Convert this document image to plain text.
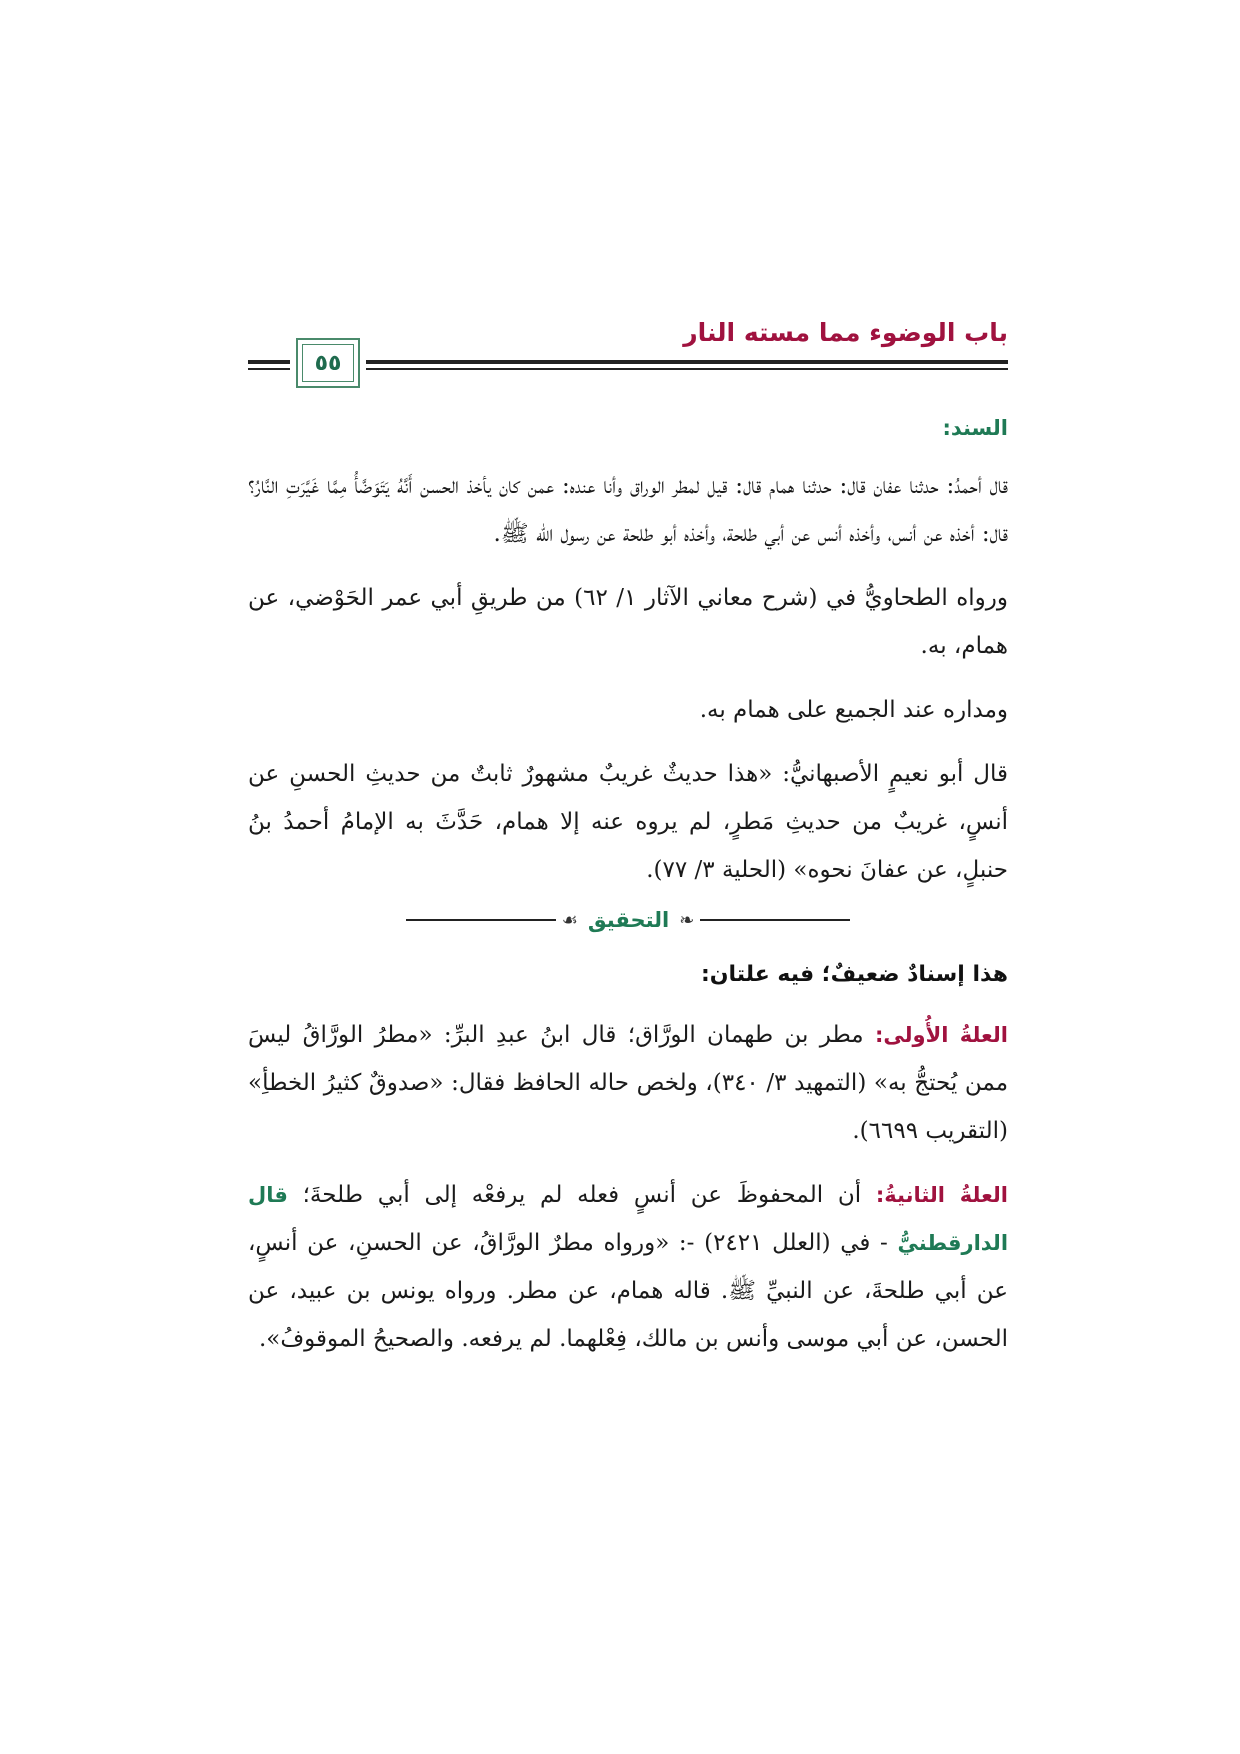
باب الوضوء مما مسته النار
٥٥

السند:

قال أحمدُ: حدثنا عفان قال: حدثنا همام قال: قيل لمطر الوراق وأنا عنده: عمن كان يأخذ الحسن أَنَّهُ يَتَوَضَّأُ مِمَّا غَيَّرَتِ النَّارُ؟ قال: أخذه عن أنس، وأخذه أنس عن أبي طلحة، وأخذه أبو طلحة عن رسول الله ﷺ.

ورواه الطحاويُّ في (شرح معاني الآثار ١/ ٦٢) من طريقِ أبي عمر الحَوْضي، عن همام، به.

ومداره عند الجميع على همام به.

قال أبو نعيمٍ الأصبهانيُّ: «هذا حديثٌ غريبٌ مشهورٌ ثابتٌ من حديثِ الحسنِ عن أنسٍ، غريبٌ من حديثِ مَطرٍ، لم يروه عنه إلا همام، حَدَّثَ به الإمامُ أحمدُ بنُ حنبلٍ، عن عفانَ نحوه» (الحلية ٣/ ٧٧).

❧
التحقيق
☙

هذا إسنادٌ ضعيفٌ؛ فيه علتان:

العلةُ الأُولى: مطر بن طهمان الورَّاق؛ قال ابنُ عبدِ البرِّ: «مطرُ الورَّاقُ ليسَ ممن يُحتجُّ به» (التمهيد ٣/ ٣٤٠)، ولخص حاله الحافظ فقال: «صدوقٌ كثيرُ الخطأِ» (التقريب ٦٦٩٩).

العلةُ الثانيةُ: أن المحفوظَ عن أنسٍ فعله لم يرفعْه إلى أبي طلحةَ؛ قال الدارقطنيُّ - في (العلل ٢٤٢١) -: «ورواه مطرٌ الورَّاقُ، عن الحسنِ، عن أنسٍ، عن أبي طلحةَ، عن النبيِّ ﷺ. قاله همام، عن مطر. ورواه يونس بن عبيد، عن الحسن، عن أبي موسى وأنس بن مالك، فِعْلهما. لم يرفعه. والصحيحُ الموقوفُ».
